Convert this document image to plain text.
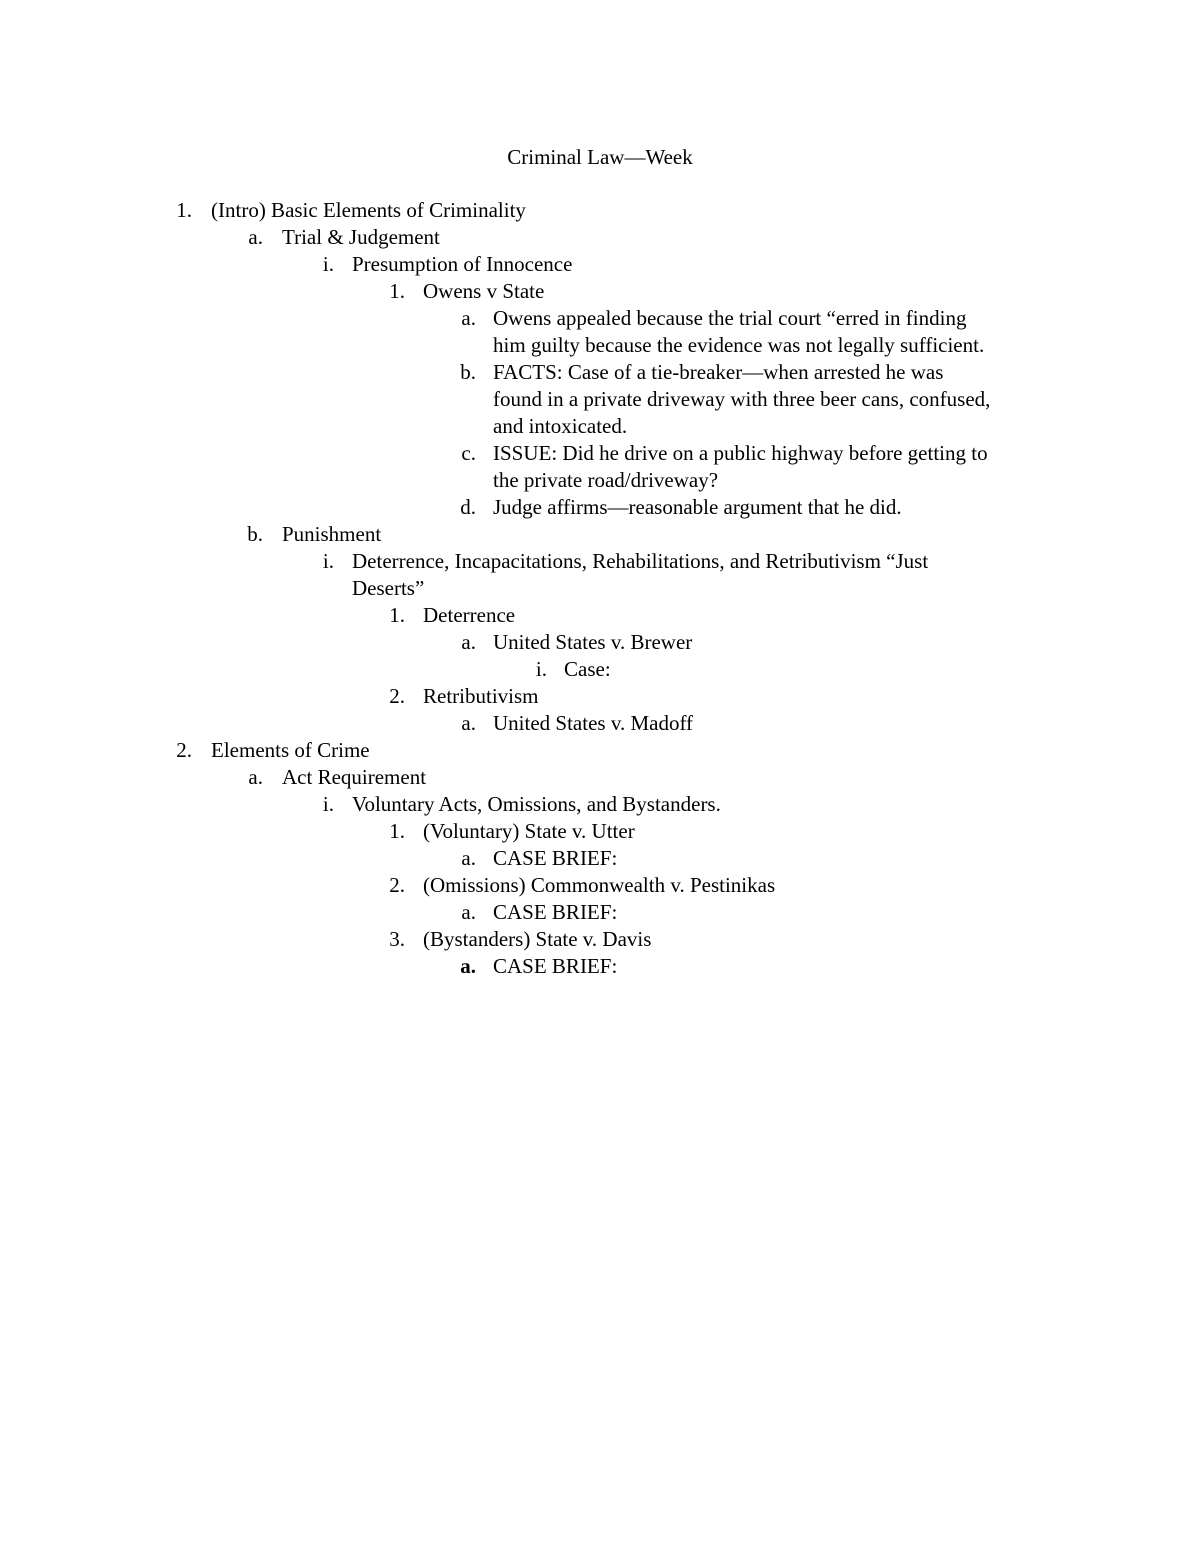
Criminal Law—Week
1. (Intro) Basic Elements of Criminality
a. Trial & Judgement
i. Presumption of Innocence
1. Owens v State
a. Owens appealed because the trial court “erred in finding
him guilty because the evidence was not legally sufficient.
b. FACTS: Case of a tie-breaker—when arrested he was
found in a private driveway with three beer cans, confused,
and intoxicated.
c. ISSUE: Did he drive on a public highway before getting to
the private road/driveway?
d. Judge affirms—reasonable argument that he did.
b. Punishment
i. Deterrence, Incapacitations, Rehabilitations, and Retributivism “Just
Deserts”
1. Deterrence
a. United States v. Brewer
i. Case:
2. Retributivism
a. United States v. Madoff
2. Elements of Crime
a. Act Requirement
i. Voluntary Acts, Omissions, and Bystanders.
1. (Voluntary) State v. Utter
a. CASE BRIEF:
2. (Omissions) Commonwealth v. Pestinikas
a. CASE BRIEF:
3. (Bystanders) State v. Davis
a. CASE BRIEF:
